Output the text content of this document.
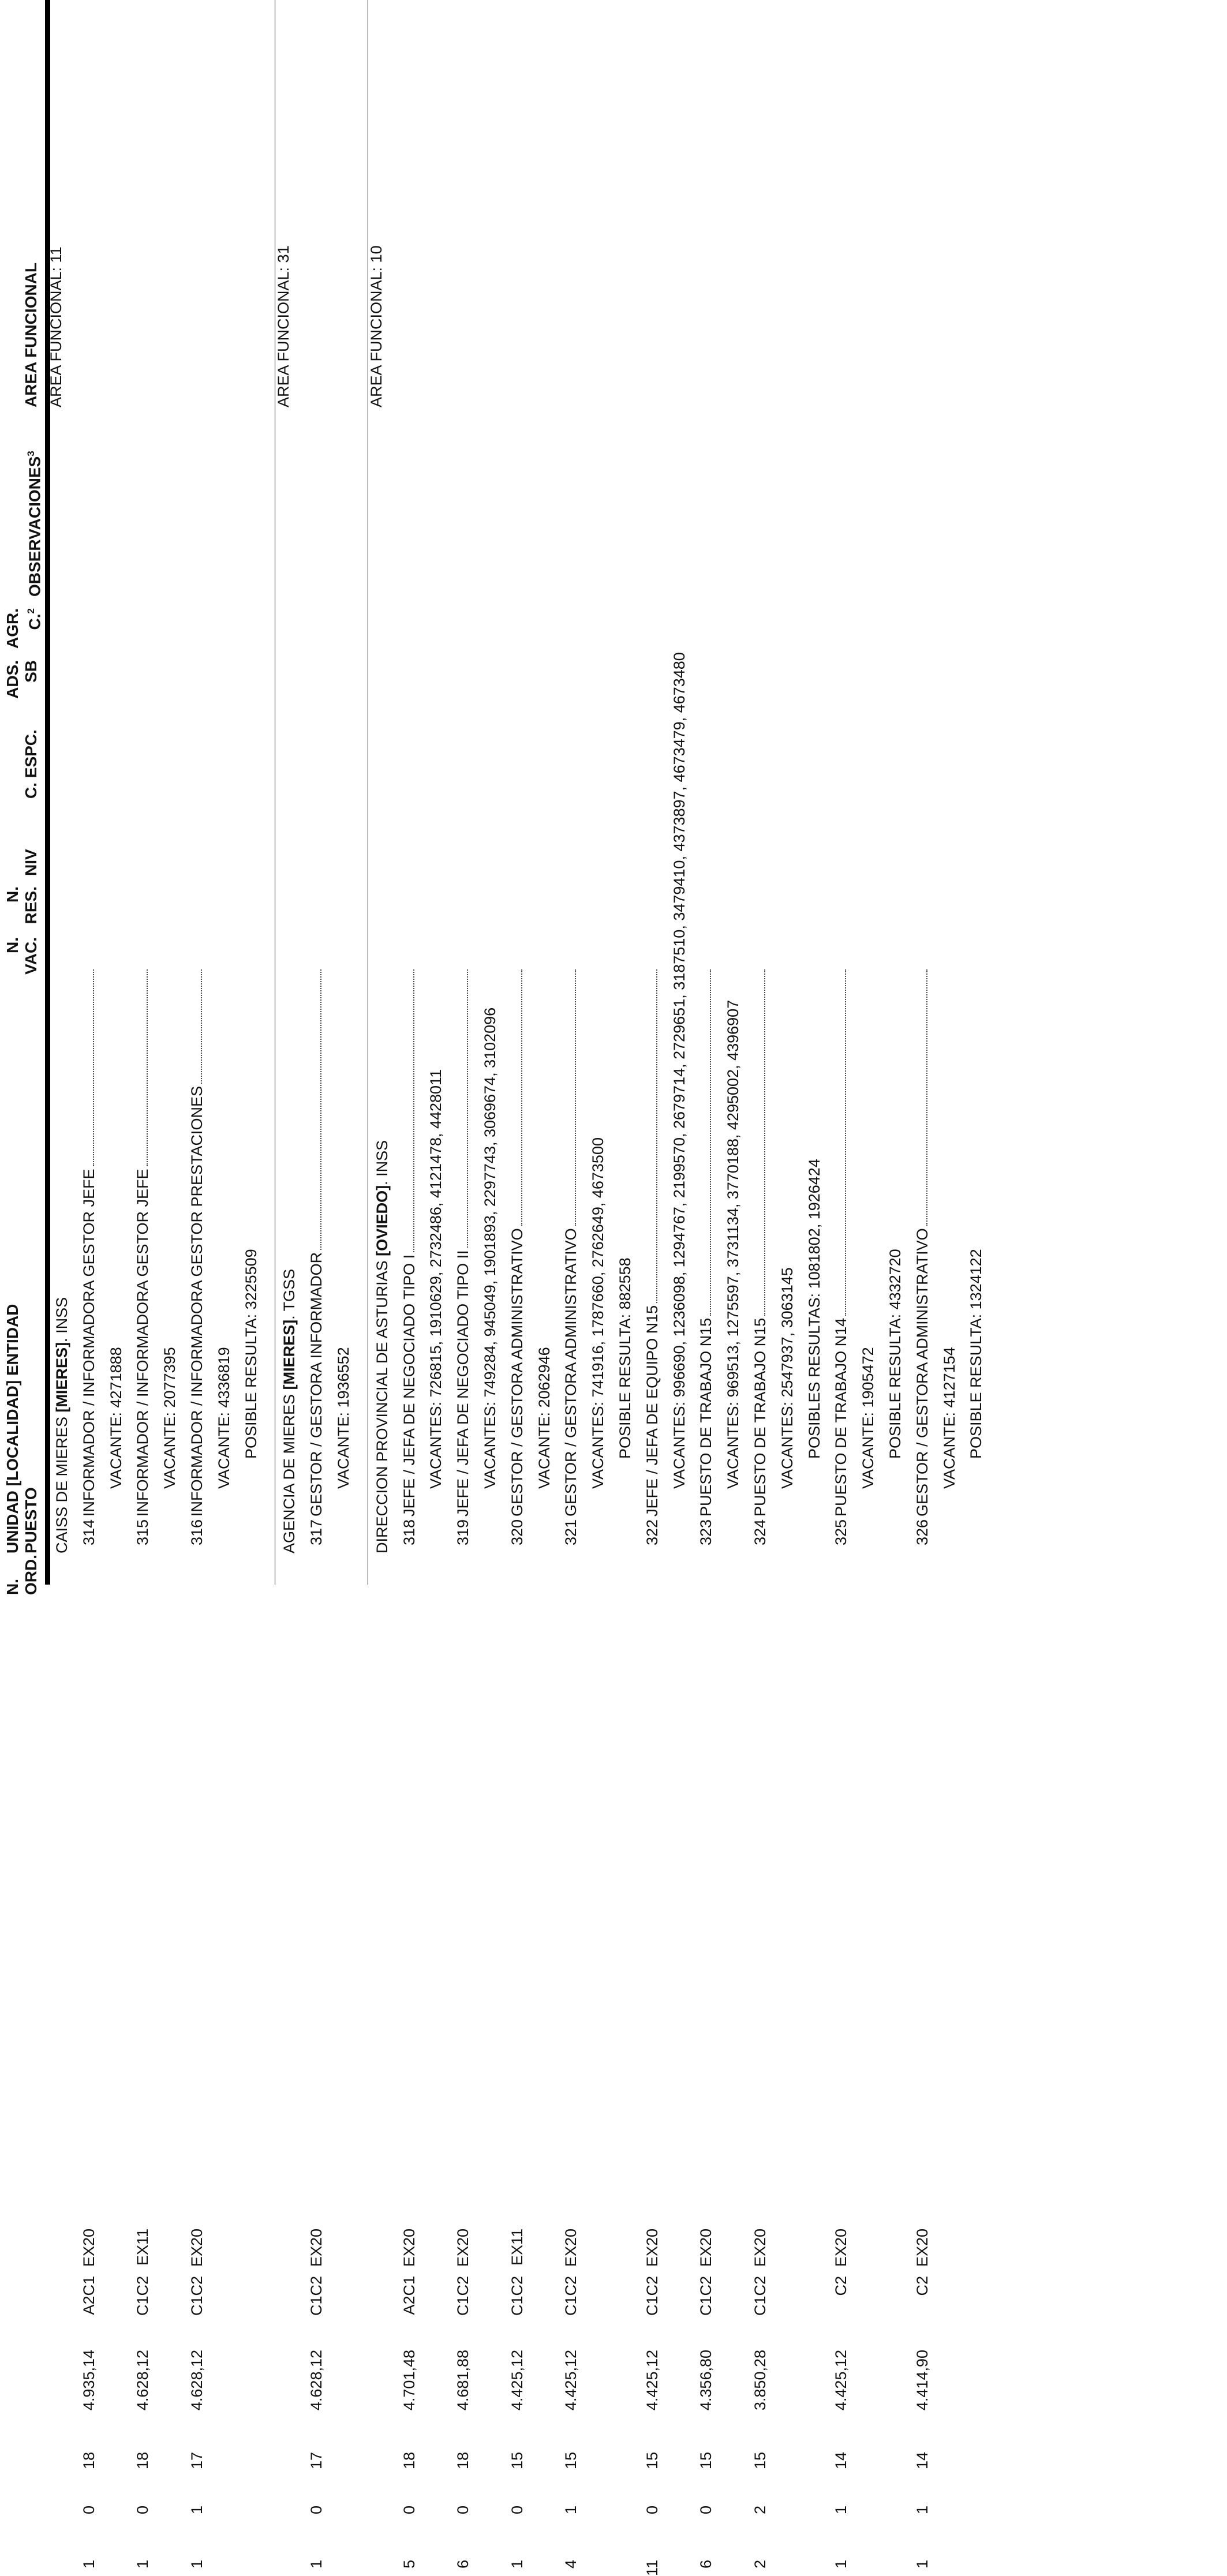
N. ORD.
UNIDAD [LOCALIDAD] ENTIDAD PUESTO
N. VAC.
N. RES.
NIV
C. ESPC.
ADS. SB
AGR. C.$^2$
OBSERVACIONES$^3$
AREA FUNCIONAL
CAISS DE MIERES [MIERES]. INSS
AREA FUNCIONAL: 11
314
INFORMADOR / INFORMADORA GESTOR JEFE
1
0
18
4.935,14
A2C1
EX20
VACANTE: 4271888
315
INFORMADOR / INFORMADORA GESTOR JEFE
1
0
18
4.628,12
C1C2
EX11
VACANTE: 2077395
316
INFORMADOR / INFORMADORA GESTOR PRESTACIONES
1
1
17
4.628,12
C1C2
EX20
VACANTE: 4336819 POSIBLE RESULTA: 3225509
AGENCIA DE MIERES [MIERES]. TGSS
AREA FUNCIONAL: 31
317
GESTOR / GESTORA INFORMADOR
1
0
17
4.628,12
C1C2
EX20
VACANTE: 1936552 DIRECCION PROVINCIAL DE ASTURIAS [OVIEDO]. INSS
AREA FUNCIONAL: 10
318
JEFE / JEFA DE NEGOCIADO TIPO I
5
0
18
4.701,48
A2C1
EX20
VACANTES: 726815, 1910629, 2732486, 4121478, 4428011
319
JEFE / JEFA DE NEGOCIADO TIPO II
6
0
18
4.681,88
C1C2
EX20
VACANTES: 749284, 945049, 1901893, 2297743, 3069674, 3102096
320
GESTOR / GESTORA ADMINISTRATIVO
1
0
15
4.425,12
C1C2
EX11
VACANTE: 2062946
321
GESTOR / GESTORA ADMINISTRATIVO
4
1
15
4.425,12
C1C2
EX20
VACANTES: 741916, 1787660, 2762649, 4673500 POSIBLE RESULTA: 882558
322
JEFE / JEFA DE EQUIPO N15
11
0
15
4.425,12
C1C2
EX20
VACANTES: 996690, 1236098, 1294767, 2199570, 2679714, 2729651, 3187510, 3479410, 4373897, 4673479, 4673480
323
PUESTO DE TRABAJO N15
6
0
15
4.356,80
C1C2
EX20
VACANTES: 969513, 1275597, 3731134, 3770188, 4295002, 4396907
324
PUESTO DE TRABAJO N15
2
2
15
3.850,28
C1C2
EX20
VACANTES: 2547937, 3063145 POSIBLES RESULTAS: 1081802, 1926424
325
PUESTO DE TRABAJO N14
1
1
14
4.425,12
C2
EX20
VACANTE: 1905472 POSIBLE RESULTA: 4332720
326
GESTOR / GESTORA ADMINISTRATIVO
1
1
14
4.414,90
C2
EX20
VACANTE: 4127154 POSIBLE RESULTA: 1324122
